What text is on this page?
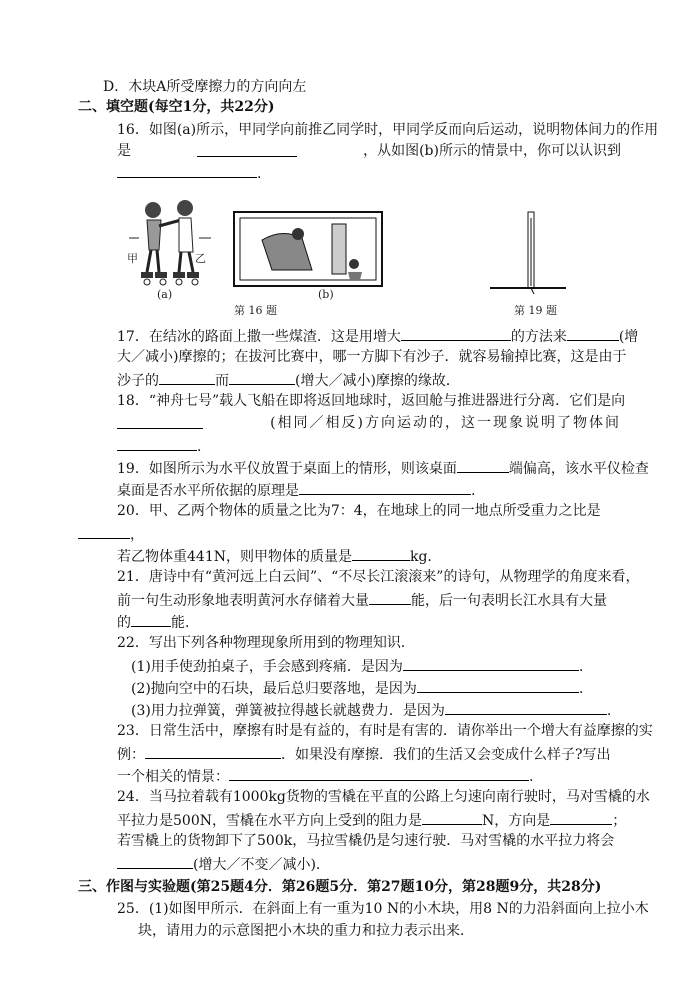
D．木块A所受摩擦力的方向向左
二、填空题(每空1分，共22分)
16．如图(a)所示，甲同学向前推乙同学时，甲同学反而向后运动，说明物体间力的作用
是	，从如图(b)所示的情景中，你可以认识到
.
甲	乙
(a)	(b)
第 16 题	第 19 题
17．在结冰的路面上撒一些煤渣．这是用增大	的方法来	(增
大／减小)摩擦的；在拔河比赛中，哪一方脚下有沙子．就容易输掉比赛，这是由于
沙子的	而	(增大／减小)摩擦的缘故．
18．“神舟七号”载人飞船在即将返回地球时，返回舱与推进器进行分离．它们是向
(相同／相反)方向运动的，这一现象说明了物体间
.
19．如图所示为水平仪放置于桌面上的情形，则该桌面	端偏高，该水平仪检查
桌面是否水平所依据的原理是	.
20．甲、乙两个物体的质量之比为7：4，在地球上的同一地点所受重力之比是
，
若乙物体重441N，则甲物体的质量是	kg.
21．唐诗中有“黄河远上白云间”、“不尽长江滚滚来”的诗句，从物理学的角度来看，
前一句生动形象地表明黄河水存储着大量	能，后一句表明长江水具有大量
的	能．
22．写出下列各种物理现象所用到的物理知识．
(1)用手使劲拍桌子，手会感到疼痛．是因为	.
(2)抛向空中的石块，最后总归要落地，是因为	.
(3)用力拉弹簧，弹簧被拉得越长就越费力．是因为	.
23．日常生活中，摩擦有时是有益的，有时是有害的．请你举出一个增大有益摩擦的实
例：	．如果没有摩擦．我们的生活又会变成什么样子?写出
一个相关的情景：	.
24．当马拉着载有1000kg货物的雪橇在平直的公路上匀速向南行驶时，马对雪橇的水
平拉力是500N，雪橇在水平方向上受到的阻力是	N，方向是	；
若雪橇上的货物卸下了500k，马拉雪橇仍是匀速行驶．马对雪橇的水平拉力将会
(增大／不变／减小)．
三、作图与实验题(第25题4分．第26题5分．第27题10分，第28题9分，共28分)
25．(1)如图甲所示．在斜面上有一重为10 N的小木块，用8 N的力沿斜面向上拉小木
块，请用力的示意图把小木块的重力和拉力表示出来．
